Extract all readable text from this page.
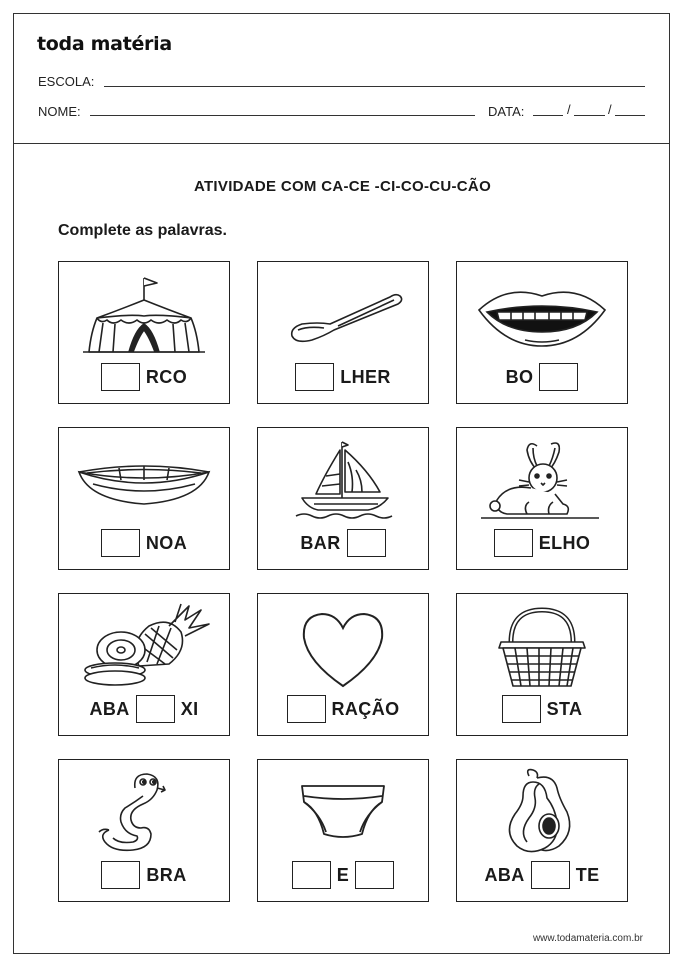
toda matéria
ESCOLA:
NOME:	DATA:	/	/
ATIVIDADE COM CA-CE -CI-CO-CU-CÃO
Complete as palavras.
RCO	LHER	BO
NOA	BAR	ELHO
ABA	XI	RAÇÃO	STA
BRA	E	ABA	TE
www.todamateria.com.br
